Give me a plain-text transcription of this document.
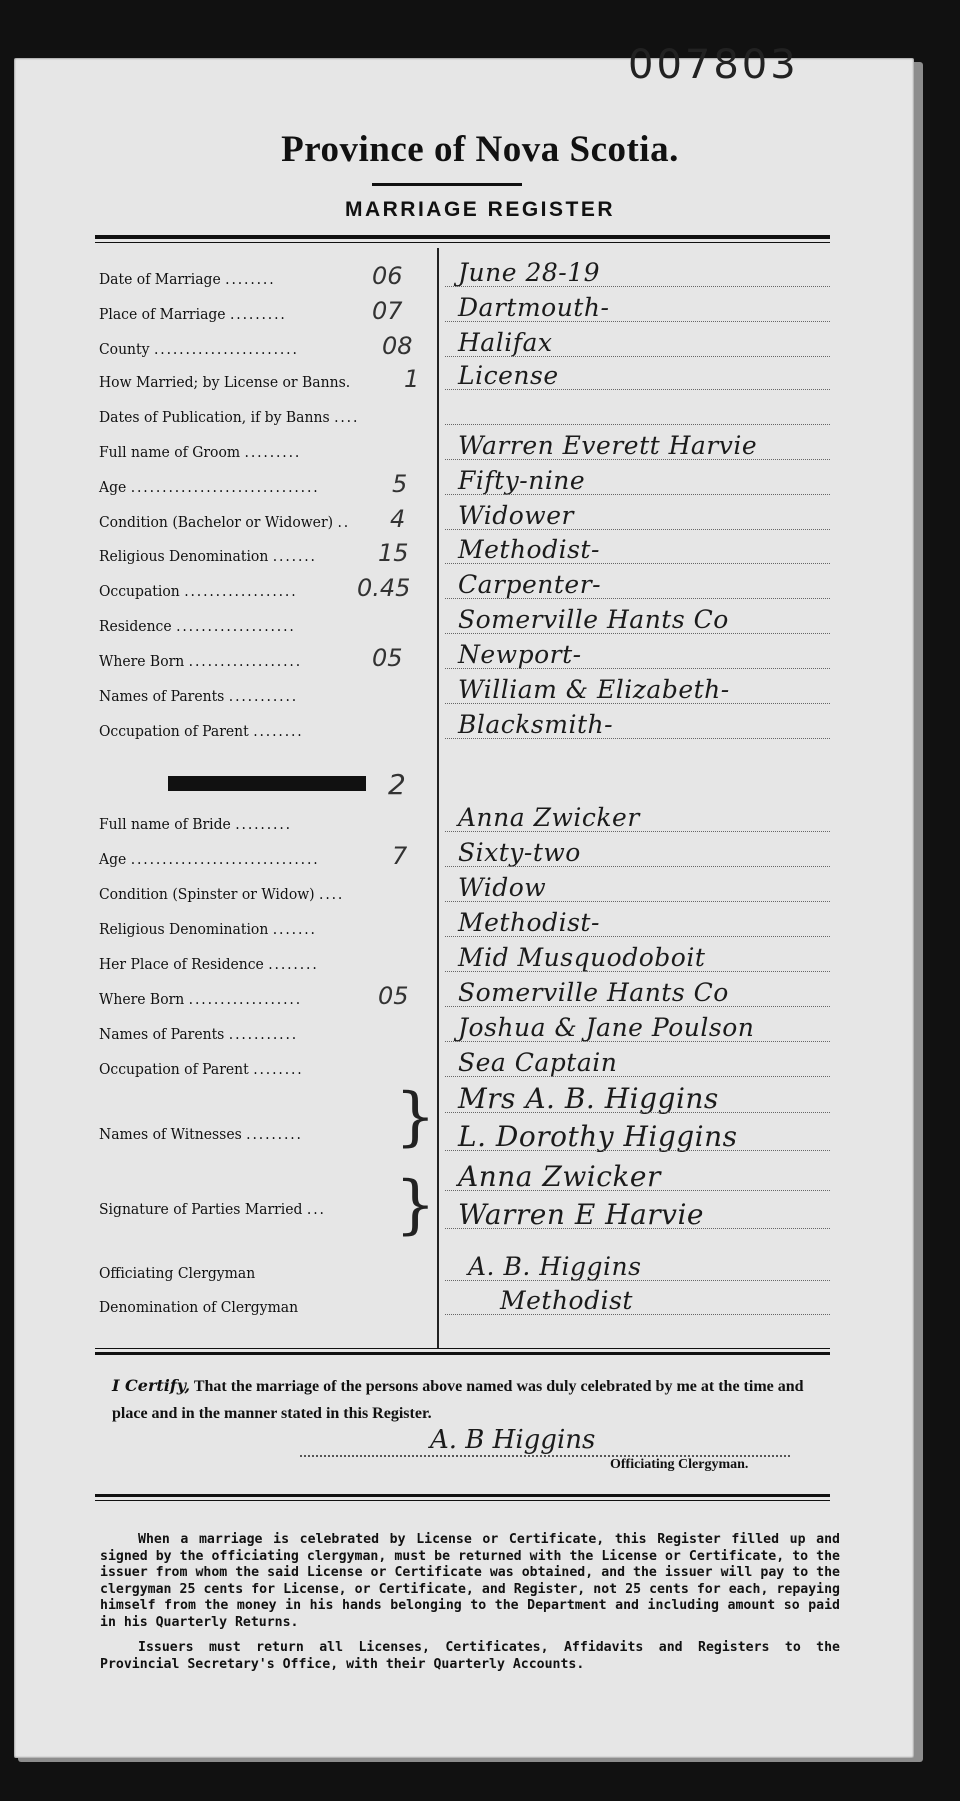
007803
Province of Nova Scotia.
MARRIAGE REGISTER
Date of Marriage ........	06 June 28-19
Place of Marriage .........	07 Dartmouth-
County .......................	08 Halifax
How Married; by License or Banns. 1 License
Dates of Publication, if by Banns ....
Full name of Groom .........	Warren Everett Harvie
Age ..............................	5 Fifty-nine
Condition (Bachelor or Widower) .. 4 Widower
Religious Denomination .......	15 Methodist-
Occupation .................. 0.45 Carpenter-
Residence ...................	Somerville Hants Co
Where Born ..................	05 Newport-
Names of Parents ...........	William & Elizabeth-
Occupation of Parent ........	Blacksmith-
Full name of Bride .........	Anna Zwicker
Age ..............................	7 Sixty-two
Condition (Spinster or Widow) ....	Widow
Religious Denomination .......	Methodist-
Her Place of Residence ........	Mid Musquodoboit
Where Born ..................	05 Somerville Hants Co
Names of Parents ...........	Joshua & Jane Poulson
Occupation of Parent ........	Sea Captain
Names of Witnesses .........
Mrs A. B. Higgins
L. Dorothy Higgins
Signature of Parties Married ...
Anna Zwicker
Warren E Harvie
Officiating Clergyman	A. B. Higgins
Denomination of Clergyman	Methodist
2
}
}
I Certify, That the marriage of the persons above named was duly celebrated by me at the time and place and in the manner stated in this Register.
A. B Higgins
Officiating Clergyman.

When a marriage is celebrated by License or Certificate, this Register filled up and signed by the officiating clergyman, must be returned with the License or Certificate, to the issuer from whom the said License or Certificate was obtained, and the issuer will pay to the clergyman 25 cents for License, or Certificate, and Register, not 25 cents for each, repaying himself from the money in his hands belonging to the Department and including amount so paid in his Quarterly Returns.

Issuers must return all Licenses, Certificates, Affidavits and Registers to the Provincial Secretary's Office, with their Quarterly Accounts.
